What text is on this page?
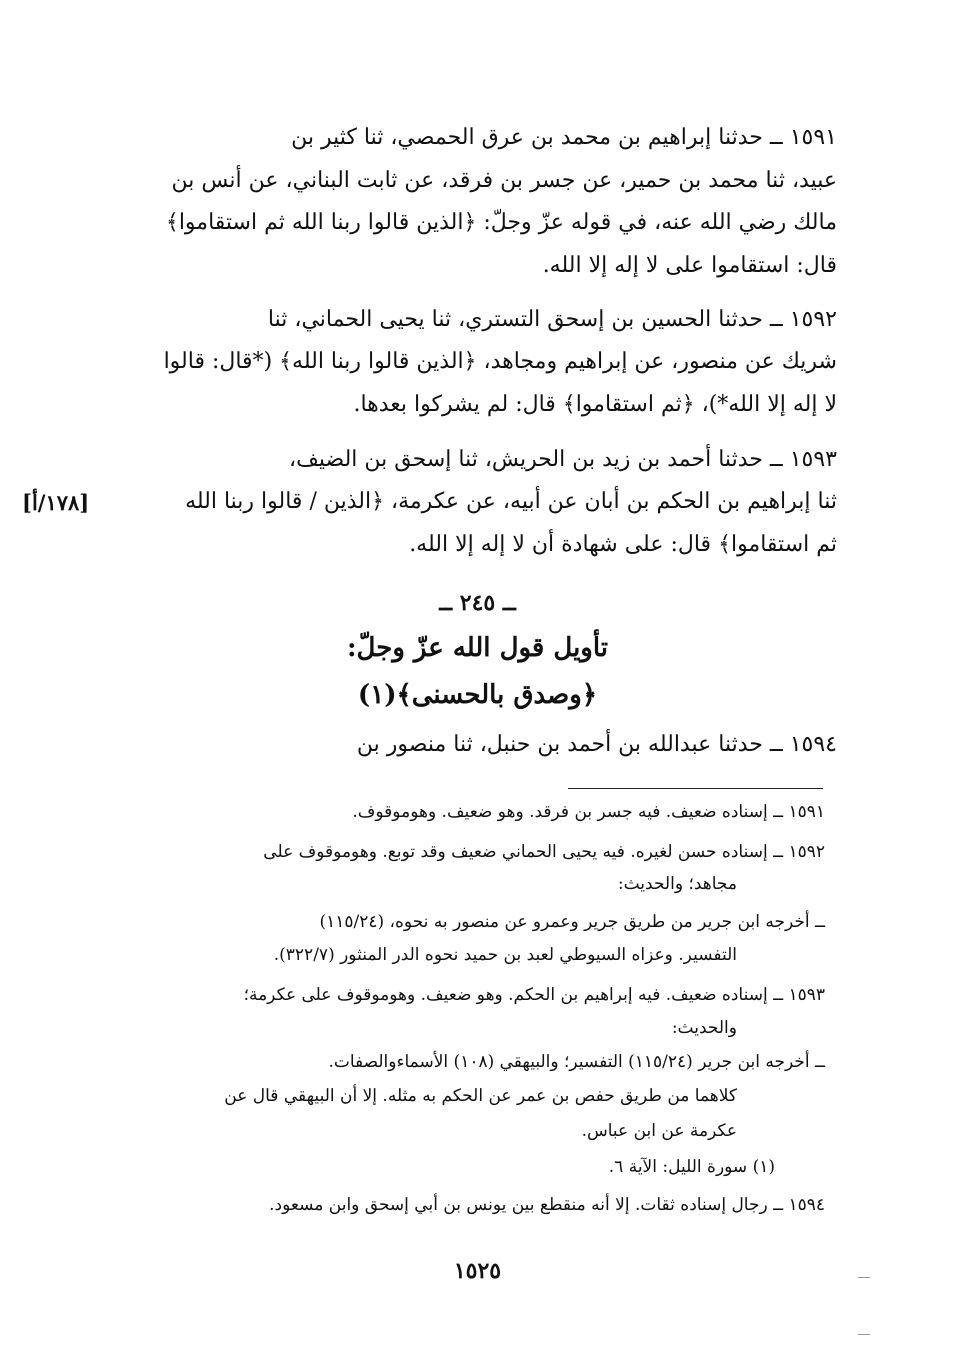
١٥٩١ ــ حدثنا إبراهيم بن محمد بن عرق الحمصي، ثنا كثير بن
عبيد، ثنا محمد بن حمير، عن جسر بن فرقد، عن ثابت البناني، عن أنس بن
مالك رضي الله عنه، في قوله عزّ وجلّ: ﴿الذين قالوا ربنا الله ثم استقاموا﴾
قال: استقاموا على لا إله إلا الله.
١٥٩٢ ــ حدثنا الحسين بن إسحق التستري، ثنا يحيى الحماني، ثنا
شريك عن منصور، عن إبراهيم ومجاهد، ﴿الذين قالوا ربنا الله﴾ (*قال: قالوا
لا إله إلا الله*)، ﴿ثم استقاموا﴾ قال: لم يشركوا بعدها.
١٥٩٣ ــ حدثنا أحمد بن زيد بن الحريش، ثنا إسحق بن الضيف،
ثنا إبراهيم بن الحكم بن أبان عن أبيه، عن عكرمة، ﴿الذين / قالوا ربنا الله
ثم استقاموا﴾ قال: على شهادة أن لا إله إلا الله.
[١٧٨/أ]
ــ ٢٤٥ ــ
تأويل قول الله عزّ وجلّ:
﴿وصدق بالحسنى﴾(١)
١٥٩٤ ــ حدثنا عبدالله بن أحمد بن حنبل، ثنا منصور بن
١٥٩١ ــ إسناده ضعيف. فيه جسر بن فرقد. وهو ضعيف. وهوموقوف.
١٥٩٢ ــ إسناده حسن لغيره. فيه يحيى الحماني ضعيف وقد توبع. وهوموقوف على
مجاهد؛ والحديث:
ــ أخرجه ابن جرير من طريق جرير وعمرو عن منصور به نحوه، (١١٥/٢٤)
التفسير. وعزاه السيوطي لعبد بن حميد نحوه الدر المنثور (٣٢٢/٧).
١٥٩٣ ــ إسناده ضعيف. فيه إبراهيم بن الحكم. وهو ضعيف. وهوموقوف على عكرمة؛
والحديث:
ــ أخرجه ابن جرير (١١٥/٢٤) التفسير؛ والبيهقي (١٠٨) الأسماءوالصفات.
كلاهما من طريق حفص بن عمر عن الحكم به مثله. إلا أن البيهقي قال عن
عكرمة عن ابن عباس.
(١) سورة الليل: الآية ٦.
١٥٩٤ ــ رجال إسناده ثقات. إلا أنه منقطع بين يونس بن أبي إسحق وابن مسعود.
١٥٢٥
